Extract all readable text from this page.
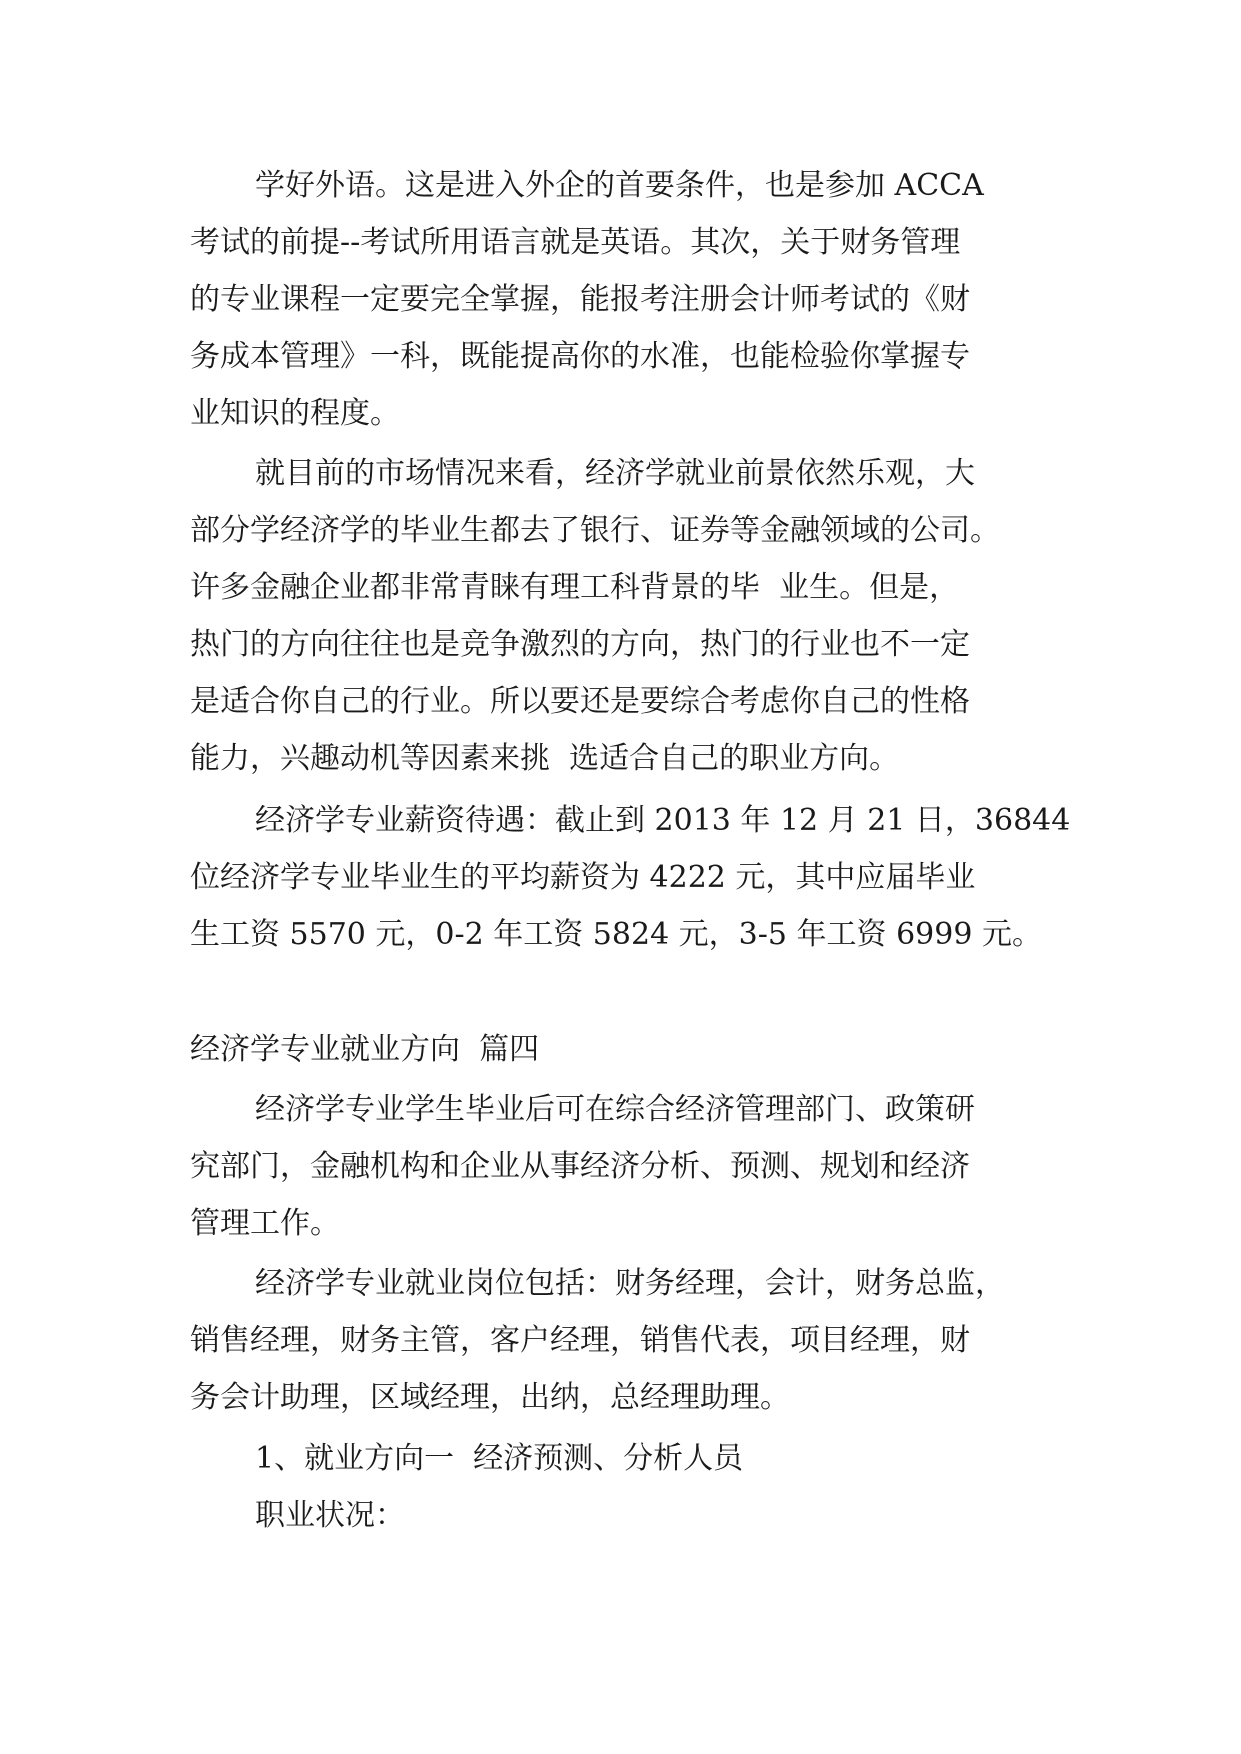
学好外语。这是进入外企的首要条件，也是参加 ACCA

考试的前提--考试所用语言就是英语。其次，关于财务管理

的专业课程一定要完全掌握，能报考注册会计师考试的《财

务成本管理》一科，既能提高你的水准，也能检验你掌握专

业知识的程度。

就目前的市场情况来看，经济学就业前景依然乐观，大

部分学经济学的毕业生都去了银行、证券等金融领域的公司。

许多金融企业都非常青睐有理工科背景的毕  业生。但是，

热门的方向往往也是竞争激烈的方向，热门的行业也不一定

是适合你自己的行业。所以要还是要综合考虑你自己的性格

能力，兴趣动机等因素来挑  选适合自己的职业方向。

经济学专业薪资待遇：截止到 2013 年 12 月 21 日，36844

位经济学专业毕业生的平均薪资为 4222 元，其中应届毕业

生工资 5570 元，0-2 年工资 5824 元，3-5 年工资 6999 元。

经济学专业就业方向  篇四

经济学专业学生毕业后可在综合经济管理部门、政策研

究部门，金融机构和企业从事经济分析、预测、规划和经济

管理工作。

经济学专业就业岗位包括：财务经理，会计，财务总监，

销售经理，财务主管，客户经理，销售代表，项目经理，财

务会计助理，区域经理，出纳，总经理助理。

1、就业方向一  经济预测、分析人员

职业状况：
